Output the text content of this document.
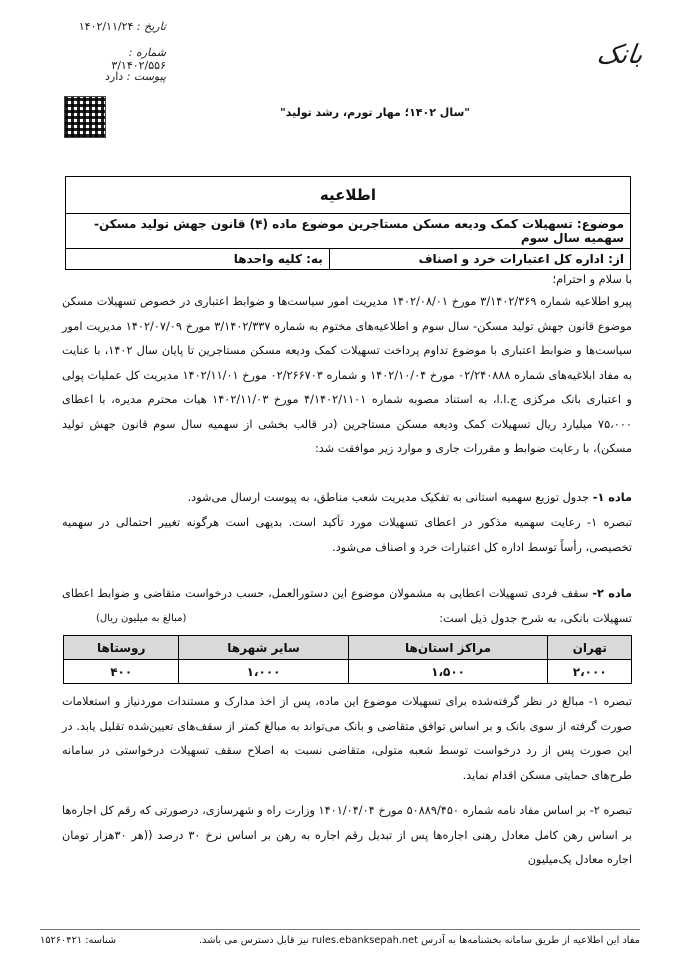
بانک
تاریخ : ۱۴۰۲/۱۱/۲۴
شماره : ۳/۱۴۰۲/۵۵۶
پیوست : دارد
"سال ۱۴۰۲؛ مهار تورم، رشد تولید"
اطلاعیه
موضوع: تسهیلات کمک ودیعه مسکن مستاجرین موضوع ماده (۴) قانون جهش تولید مسکن-سهمیه سال سوم
از: اداره کل اعتبارات خرد و اصناف
به: کلیه واحدها
با سلام و احترام؛
پیرو اطلاعیه شماره ۳/۱۴۰۲/۳۶۹ مورخ ۱۴۰۲/۰۸/۰۱ مدیریت امور سیاست‌ها و ضوابط اعتباری در خصوص تسهیلات مسکن موضوع قانون جهش تولید مسکن- سال سوم و اطلاعیه‌های مختوم به شماره ۳/۱۴۰۲/۳۳۷ مورخ ۱۴۰۲/۰۷/۰۹ مدیریت امور سیاست‌ها و ضوابط اعتباری با موضوع تداوم پرداخت تسهیلات کمک ودیعه مسکن مستاجرین تا پایان سال ۱۴۰۲، با عنایت به مفاد ابلاغیه‌های شماره ۰۲/۲۴۰۸۸۸ مورخ ۱۴۰۲/۱۰/۰۴ و شماره ۰۲/۲۶۶۷۰۳ مورخ ۱۴۰۲/۱۱/۰۱ مدیریت کل عملیات پولی و اعتباری بانک مرکزی ج.ا.ا، به استناد مصوبه شماره ۴/۱۴۰۲/۱۱۰۱ مورخ ۱۴۰۲/۱۱/۰۳ هیات محترم مدیره، با اعطای ۷۵،۰۰۰ میلیارد ریال تسهیلات کمک ودیعه مسکن مستاجرین (در قالب بخشی از سهمیه سال سوم قانون جهش تولید مسکن)، با رعایت ضوابط و مقررات جاری و موارد زیر موافقت شد:
ماده ۱- جدول توزیع سهمیه استانی به تفکیک مدیریت شعب مناطق، به پیوست ارسال می‌شود.
تبصره ۱- رعایت سهمیه مذکور در اعطای تسهیلات مورد تأکید است. بدیهی است هرگونه تغییر احتمالی در سهمیه تخصیصی، رأساً توسط اداره کل اعتبارات خرد و اصناف می‌شود.
ماده ۲- سقف فردی تسهیلات اعطایی به مشمولان موضوع این دستورالعمل، حسب درخواست متقاضی و ضوابط اعطای تسهیلات بانکی، به شرح جدول ذیل است:
(مبالغ به میلیون ریال)
تهران	مراکز استان‌ها	سایر شهرها	روستاها
۲،۰۰۰	۱،۵۰۰	۱،۰۰۰	۴۰۰
تبصره ۱- مبالغ در نظر گرفته‌شده برای تسهیلات موضوع این ماده، پس از اخذ مدارک و مستندات موردنیاز و استعلامات صورت گرفته از سوی بانک و بر اساس توافق متقاضی و بانک می‌تواند به مبالغ کمتر از سقف‌های تعیین‌شده تقلیل یابد. در این صورت پس از رد درخواست توسط شعبه متولی، متقاضی نسبت به اصلاح سقف تسهیلات درخواستی در سامانه طرح‌های حمایتی مسکن اقدام نماید.
تبصره ۲- بر اساس مفاد نامه شماره ۵۰۸۸۹/۴۵۰ مورخ ۱۴۰۱/۰۴/۰۴ وزارت راه و شهرسازی، درصورتی که رقم کل اجاره‌ها بر اساس رهن کامل معادل رهنی اجاره‌ها پس از تبدیل رقم اجاره به رهن بر اساس نرخ ۳۰ درصد ((هر ۳۰هزار تومان اجاره معادل یک‌میلیون
مفاد این اطلاعیه از طریق سامانه بخشنامه‌ها به آدرس rules.ebanksepah.net نیز قابل دسترس می باشد.
شناسه: ۱۵۲۶۰۴۲۱
